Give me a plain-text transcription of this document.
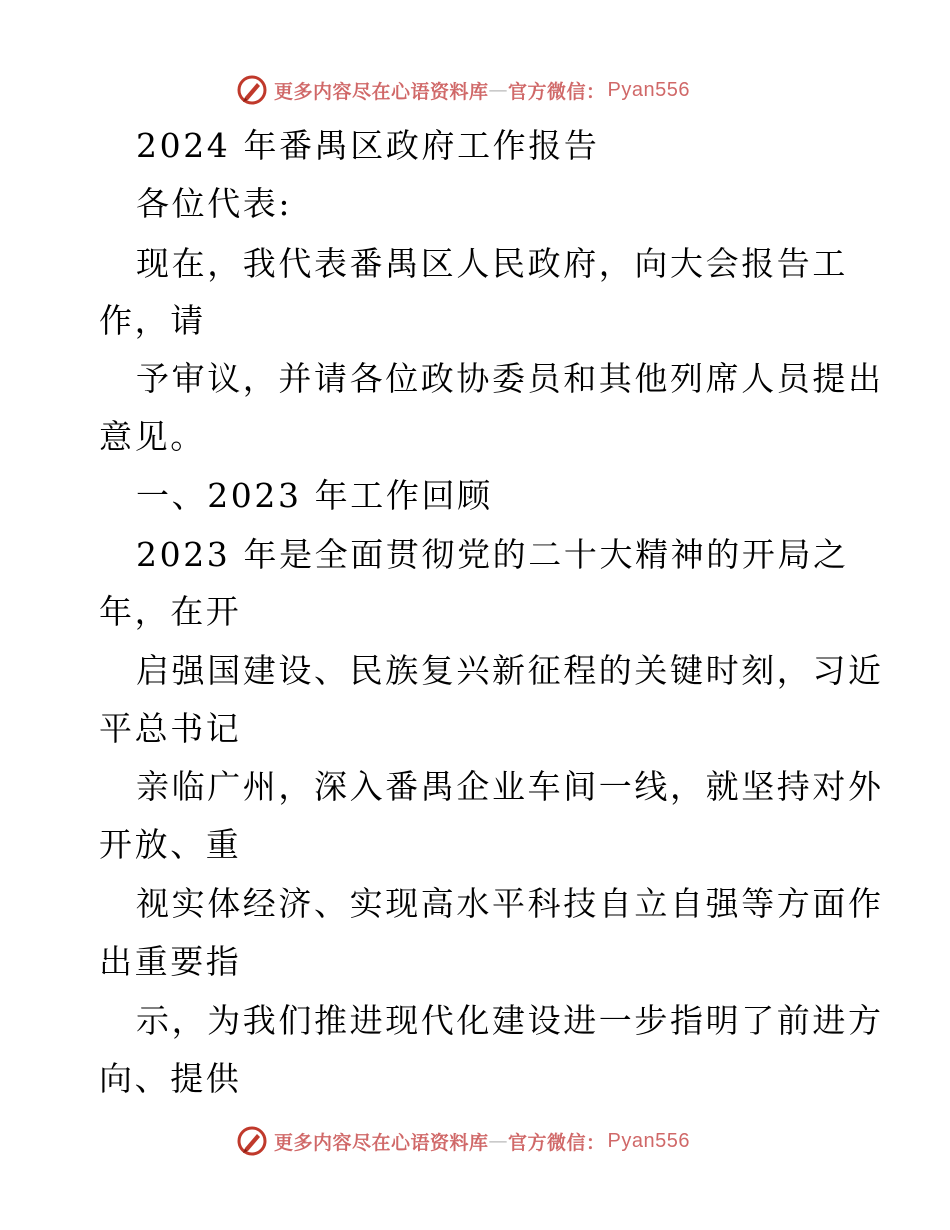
更多内容尽在心语资料库 — 官方微信： Pyan556
2024 年番禺区政府工作报告
各位代表:
现在，我代表番禺区人民政府，向大会报告工
作，请
予审议，并请各位政协委员和其他列席人员提出
意见。
一、2023 年工作回顾
2023 年是全面贯彻党的二十大精神的开局之
年，在开
启强国建设、民族复兴新征程的关键时刻，习近
平总书记
亲临广州，深入番禺企业车间一线，就坚持对外
开放、重
视实体经济、实现高水平科技自立自强等方面作
出重要指
示，为我们推进现代化建设进一步指明了前进方
向、提供
更多内容尽在心语资料库 — 官方微信： Pyan556
